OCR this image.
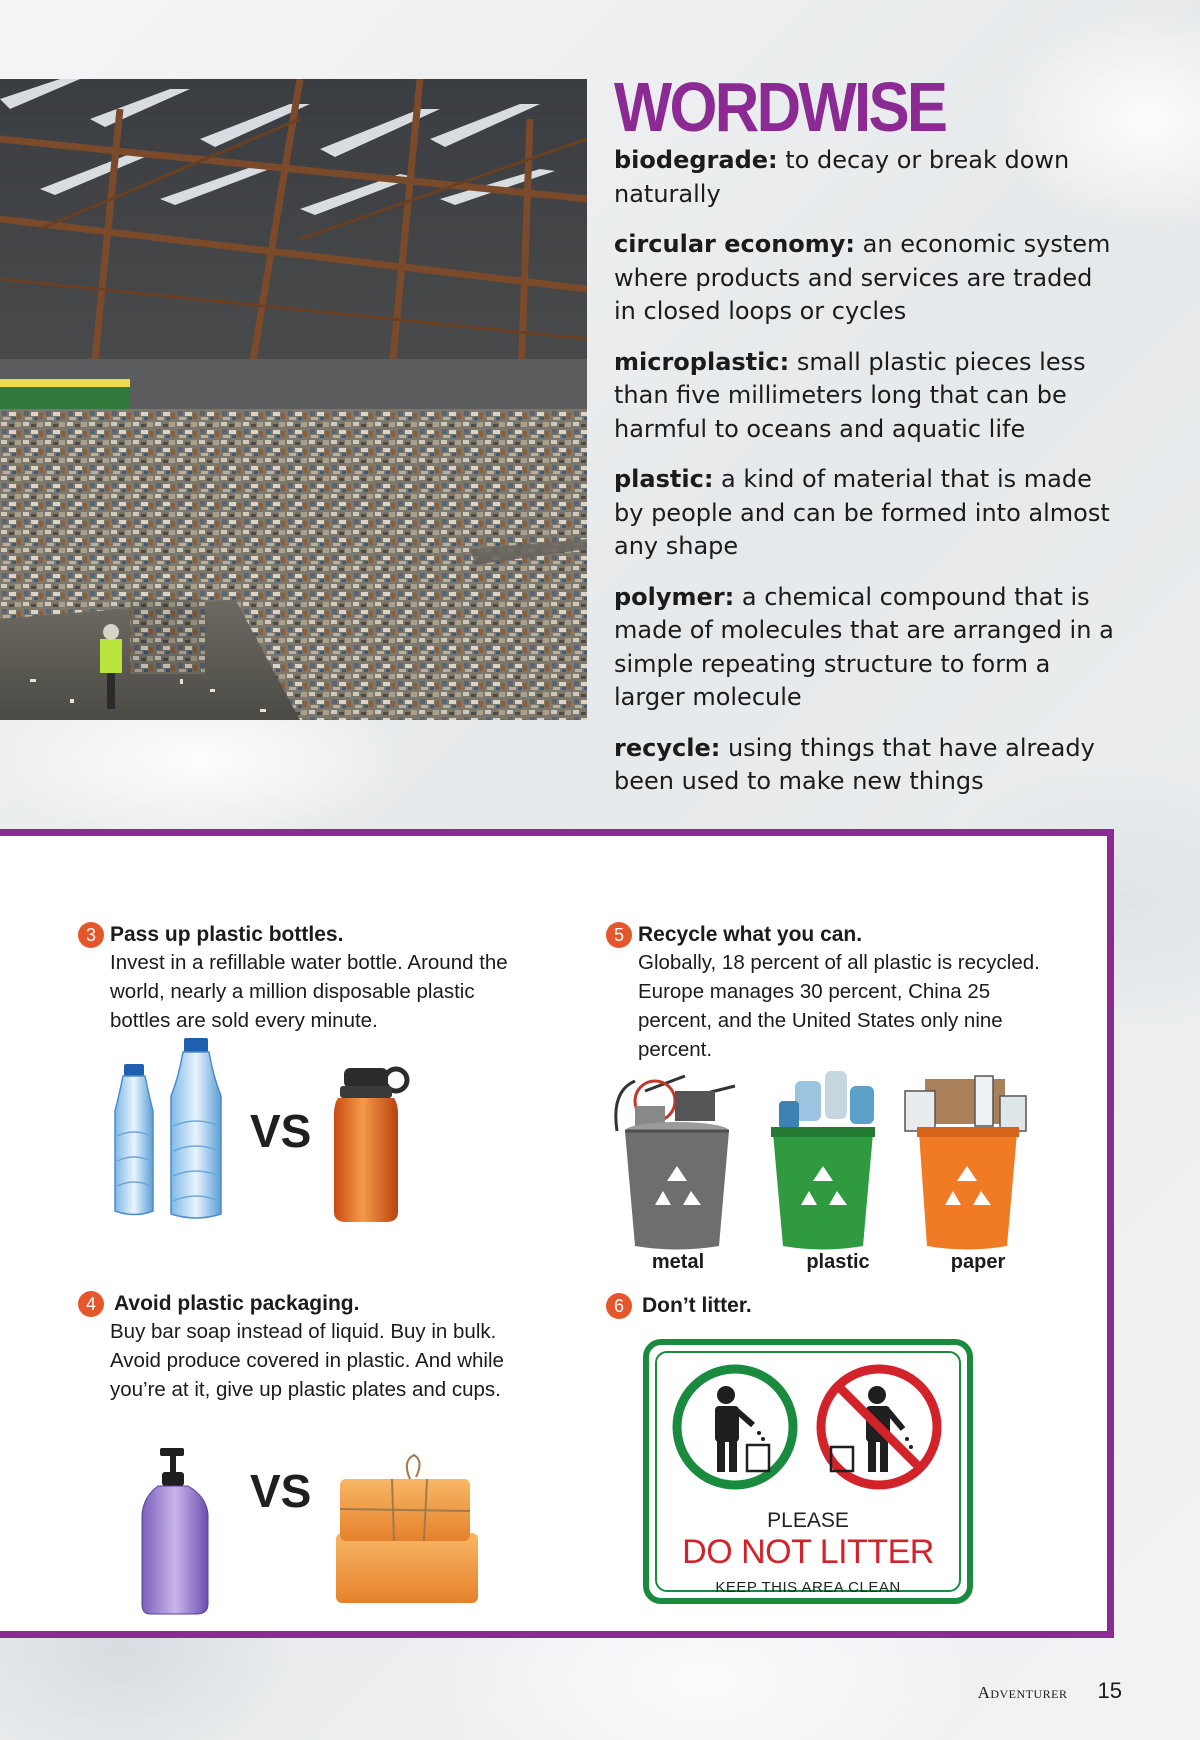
WORDWISE
biodegrade: to decay or break down naturally
circular economy: an economic system where products and services are traded in closed loops or cycles
microplastic: small plastic pieces less than five millimeters long that can be harmful to oceans and aquatic life
plastic: a kind of material that is made by people and can be formed into almost any shape
polymer: a chemical compound that is made of molecules that are arranged in a simple repeating structure to form a larger molecule
recycle: using things that have already been used to make new things
3 Pass up plastic bottles.
Invest in a refillable water bottle. Around the world, nearly a million disposable plastic bottles are sold every minute.
VS
4 Avoid plastic packaging.
Buy bar soap instead of liquid. Buy in bulk. Avoid produce covered in plastic. And while you’re at it, give up plastic plates and cups.
VS
5 Recycle what you can.
Globally, 18 percent of all plastic is recycled. Europe manages 30 percent, China 25 percent, and the United States only nine percent.
metal	plastic	paper
6 Don’t litter.
PLEASE
DO NOT LITTER
KEEP THIS AREA CLEAN
Adventurer 15
